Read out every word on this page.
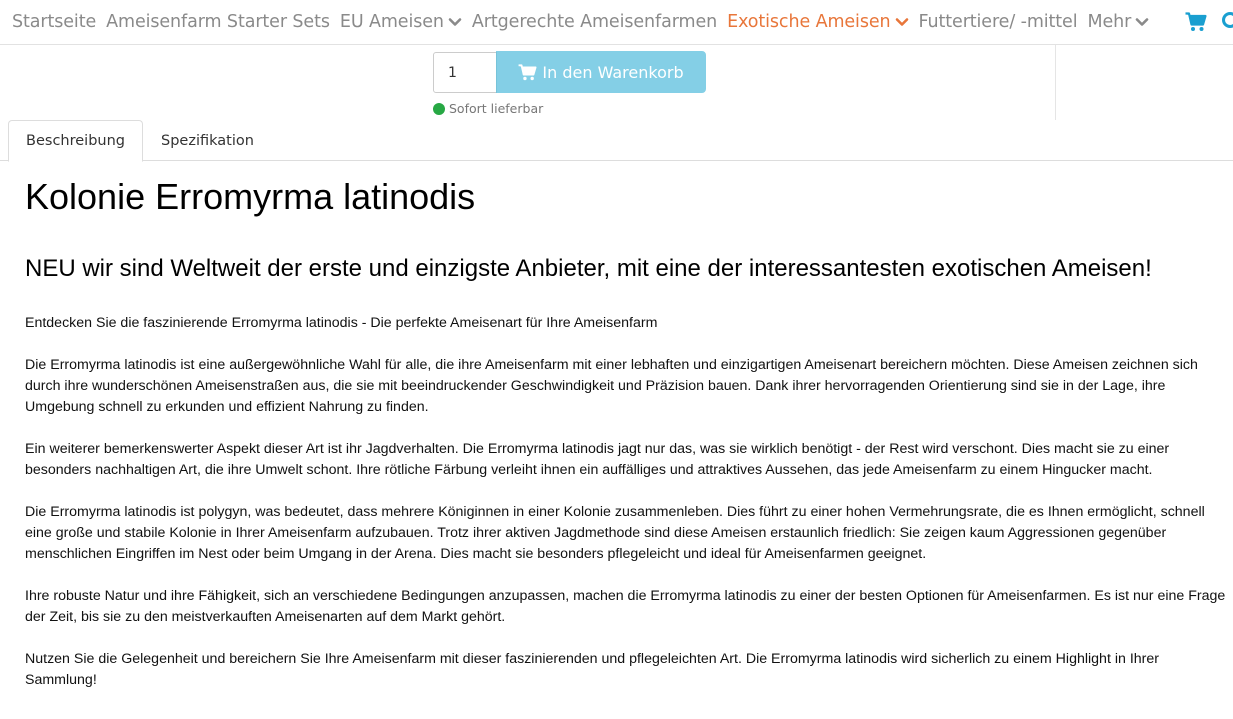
Startseite Ameisenfarm Starter Sets EU Ameisen Artgerechte Ameisenfarmen Exotische Ameisen Futtertiere/ -mittel Mehr
1
In den Warenkorb
Sofort lieferbar
Beschreibung Spezifikation
Kolonie Erromyrma latinodis
NEU wir sind Weltweit der erste und einzigste Anbieter, mit eine der interessantesten exotischen Ameisen!

Entdecken Sie die faszinierende Erromyrma latinodis - Die perfekte Ameisenart für Ihre Ameisenfarm

Die Erromyrma latinodis ist eine außergewöhnliche Wahl für alle, die ihre Ameisenfarm mit einer lebhaften und einzigartigen Ameisenart bereichern möchten. Diese Ameisen zeichnen sich durch ihre wunderschönen Ameisenstraßen aus, die sie mit beeindruckender Geschwindigkeit und Präzision bauen. Dank ihrer hervorragenden Orientierung sind sie in der Lage, ihre Umgebung schnell zu erkunden und effizient Nahrung zu finden.

Ein weiterer bemerkenswerter Aspekt dieser Art ist ihr Jagdverhalten. Die Erromyrma latinodis jagt nur das, was sie wirklich benötigt - der Rest wird verschont. Dies macht sie zu einer besonders nachhaltigen Art, die ihre Umwelt schont. Ihre rötliche Färbung verleiht ihnen ein auffälliges und attraktives Aussehen, das jede Ameisenfarm zu einem Hingucker macht.

Die Erromyrma latinodis ist polygyn, was bedeutet, dass mehrere Königinnen in einer Kolonie zusammenleben. Dies führt zu einer hohen Vermehrungsrate, die es Ihnen ermöglicht, schnell eine große und stabile Kolonie in Ihrer Ameisenfarm aufzubauen. Trotz ihrer aktiven Jagdmethode sind diese Ameisen erstaunlich friedlich: Sie zeigen kaum Aggressionen gegenüber menschlichen Eingriffen im Nest oder beim Umgang in der Arena. Dies macht sie besonders pflegeleicht und ideal für Ameisenfarmen geeignet.

Ihre robuste Natur und ihre Fähigkeit, sich an verschiedene Bedingungen anzupassen, machen die Erromyrma latinodis zu einer der besten Optionen für Ameisenfarmen. Es ist nur eine Frage der Zeit, bis sie zu den meistverkauften Ameisenarten auf dem Markt gehört.

Nutzen Sie die Gelegenheit und bereichern Sie Ihre Ameisenfarm mit dieser faszinierenden und pflegeleichten Art. Die Erromyrma latinodis wird sicherlich zu einem Highlight in Ihrer Sammlung!
